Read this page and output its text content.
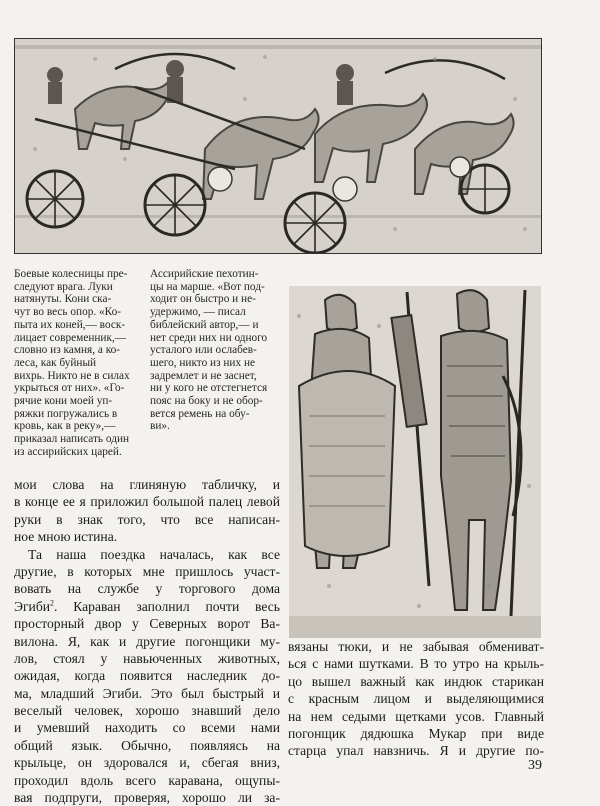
Боевые колесницы пре-
следуют врага. Луки
натянуты. Кони ска-
чут во весь опор. «Ко-
пыта их коней,— воск-
лицает современник,—
словно из камня, а ко-
леса, как буйный
вихрь. Никто не в силах
укрыться от них». «Го-
рячие кони моей уп-
ряжки погружались в
кровь, как в реку»,—
приказал написать один
из ассирийских царей.
Ассирийские пехотин-
цы на марше. «Вот под-
ходит он быстро и не-
удержимо, — писал
библейский автор,— и
нет среди них ни одного
усталого или ослабев-
шего, никто из них не
задремлет и не заснет,
ни у кого не отстегнется
пояс на боку и не обор-
вется ремень на обу-
ви».
мои слова на глиняную табличку, и
в конце ее я приложил большой палец левой
руки в знак того, что все написан-
ное мною истина.
Та наша поездка началась, как все
другие, в которых мне пришлось участ-
вовать на службе у торгового дома
Эгиби$^2$. Караван заполнил почти весь
просторный двор у Северных ворот Ва-
вилона. Я, как и другие погонщики му-
лов, стоял у навьюченных животных,
ожидая, когда появится наследник до-
ма, младший Эгиби. Это был быстрый и
веселый человек, хорошо знавший дело
и умевший находить со всеми нами
общий язык. Обычно, появляясь на
крыльце, он здоровался и, сбегая вниз,
проходил вдоль всего каравана, ощупы-
вая подпруги, проверяя, хорошо ли за-
вязаны тюки, и не забывая обмениват-
ься с нами шутками. В то утро на крыль-
цо вышел важный как индюк старикан
с красным лицом и выделяющимися
на нем седыми щетками усов. Главный
погонщик дядюшка Мукар при виде
старца упал навзничь. Я и другие по-
39
